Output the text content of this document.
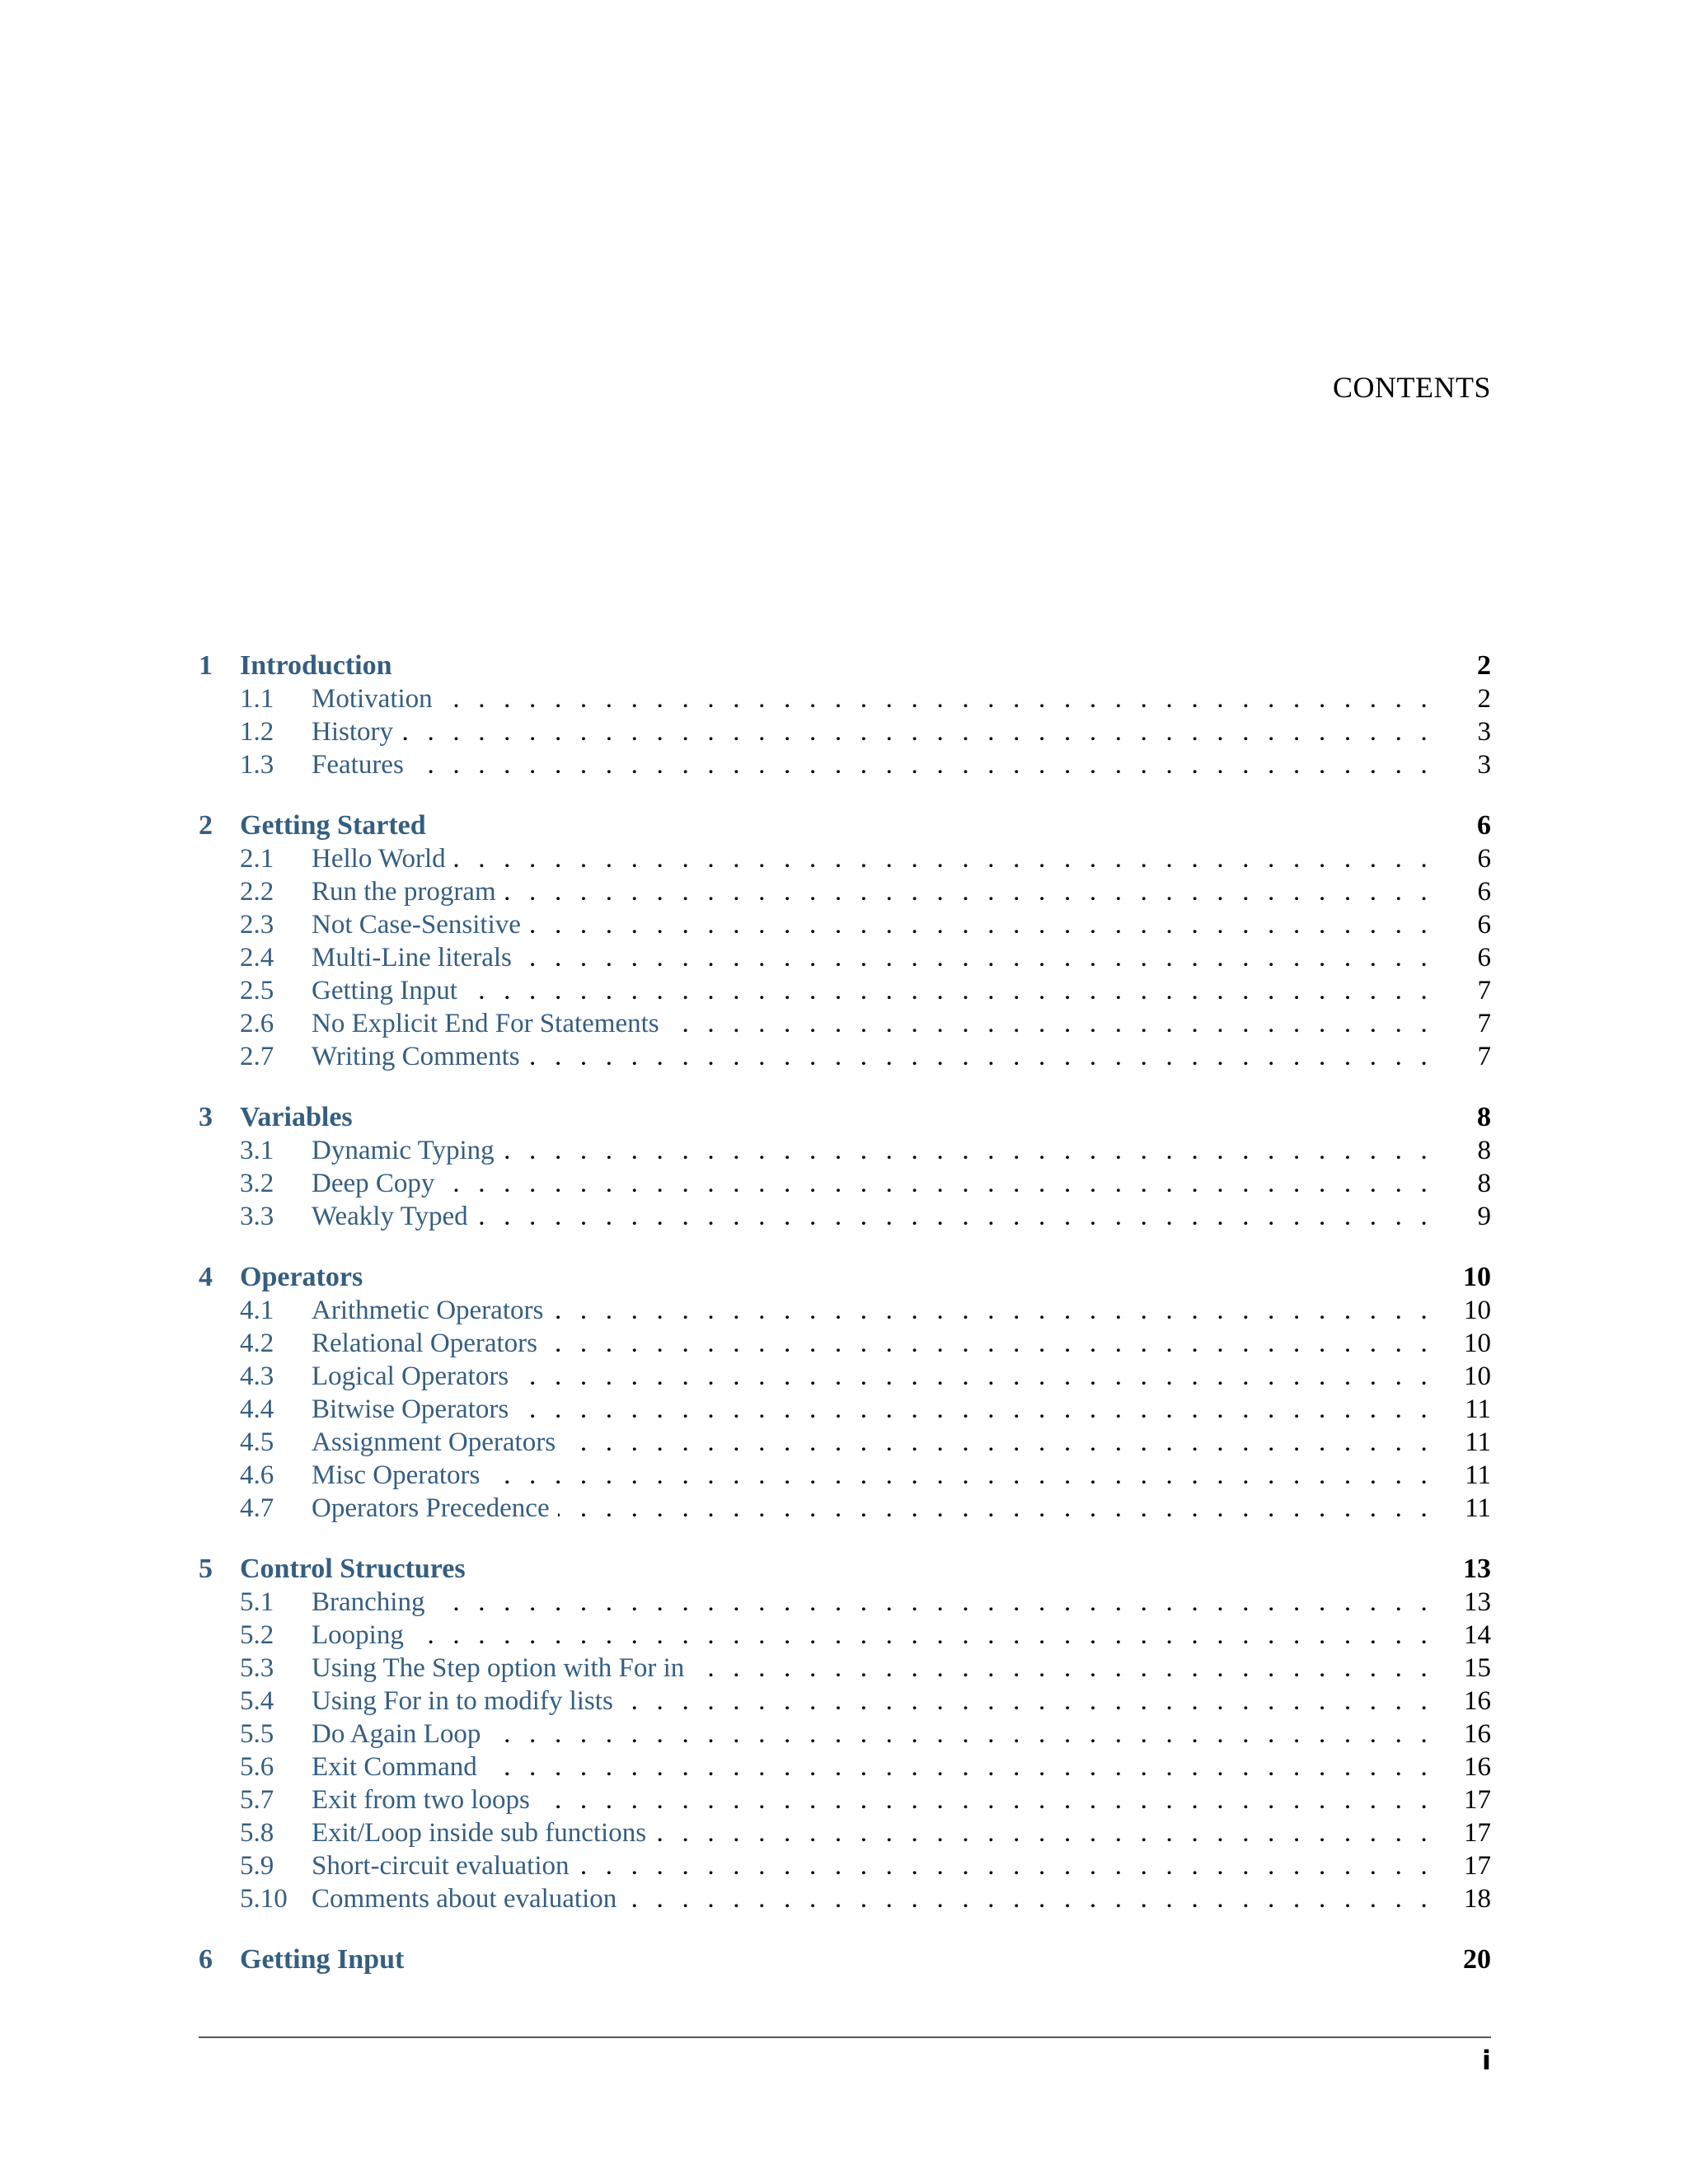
CONTENTS
1 Introduction	2
1.1 . . . Motivation	2
1.2 . . . History	3
1.3 . . . Features	3
2 Getting Started	6
2.1 . . . Hello World	6
2.2 . . . Run the program	6
2.3 . . . Not Case-Sensitive	6
2.4 . . . Multi-Line literals	6
2.5 . . . Getting Input	7
2.6 . . . No Explicit End For Statements	7
2.7 . . . Writing Comments	7
3 Variables	8
3.1 . . . Dynamic Typing	8
3.2 . . . Deep Copy	8
3.3 . . . Weakly Typed	9
4 Operators	10
4.1 . . . Arithmetic Operators	10
4.2 . . . Relational Operators	10
4.3 . . . Logical Operators	10
4.4 . . . Bitwise Operators	11
4.5 . . . Assignment Operators	11
4.6 . . . Misc Operators	11
4.7 . . . Operators Precedence	11
5 Control Structures	13
5.1 . . . Branching	13
5.2 . . . Looping	14
5.3 . . . Using The Step option with For in	15
5.4 . . . Using For in to modify lists	16
5.5 . . . Do Again Loop	16
5.6 . . . Exit Command	16
5.7 . . . Exit from two loops	17
5.8 . . . Exit/Loop inside sub functions	17
5.9 . . . Short-circuit evaluation	17
5.10 . . . Comments about evaluation	18
6 Getting Input	20
i
